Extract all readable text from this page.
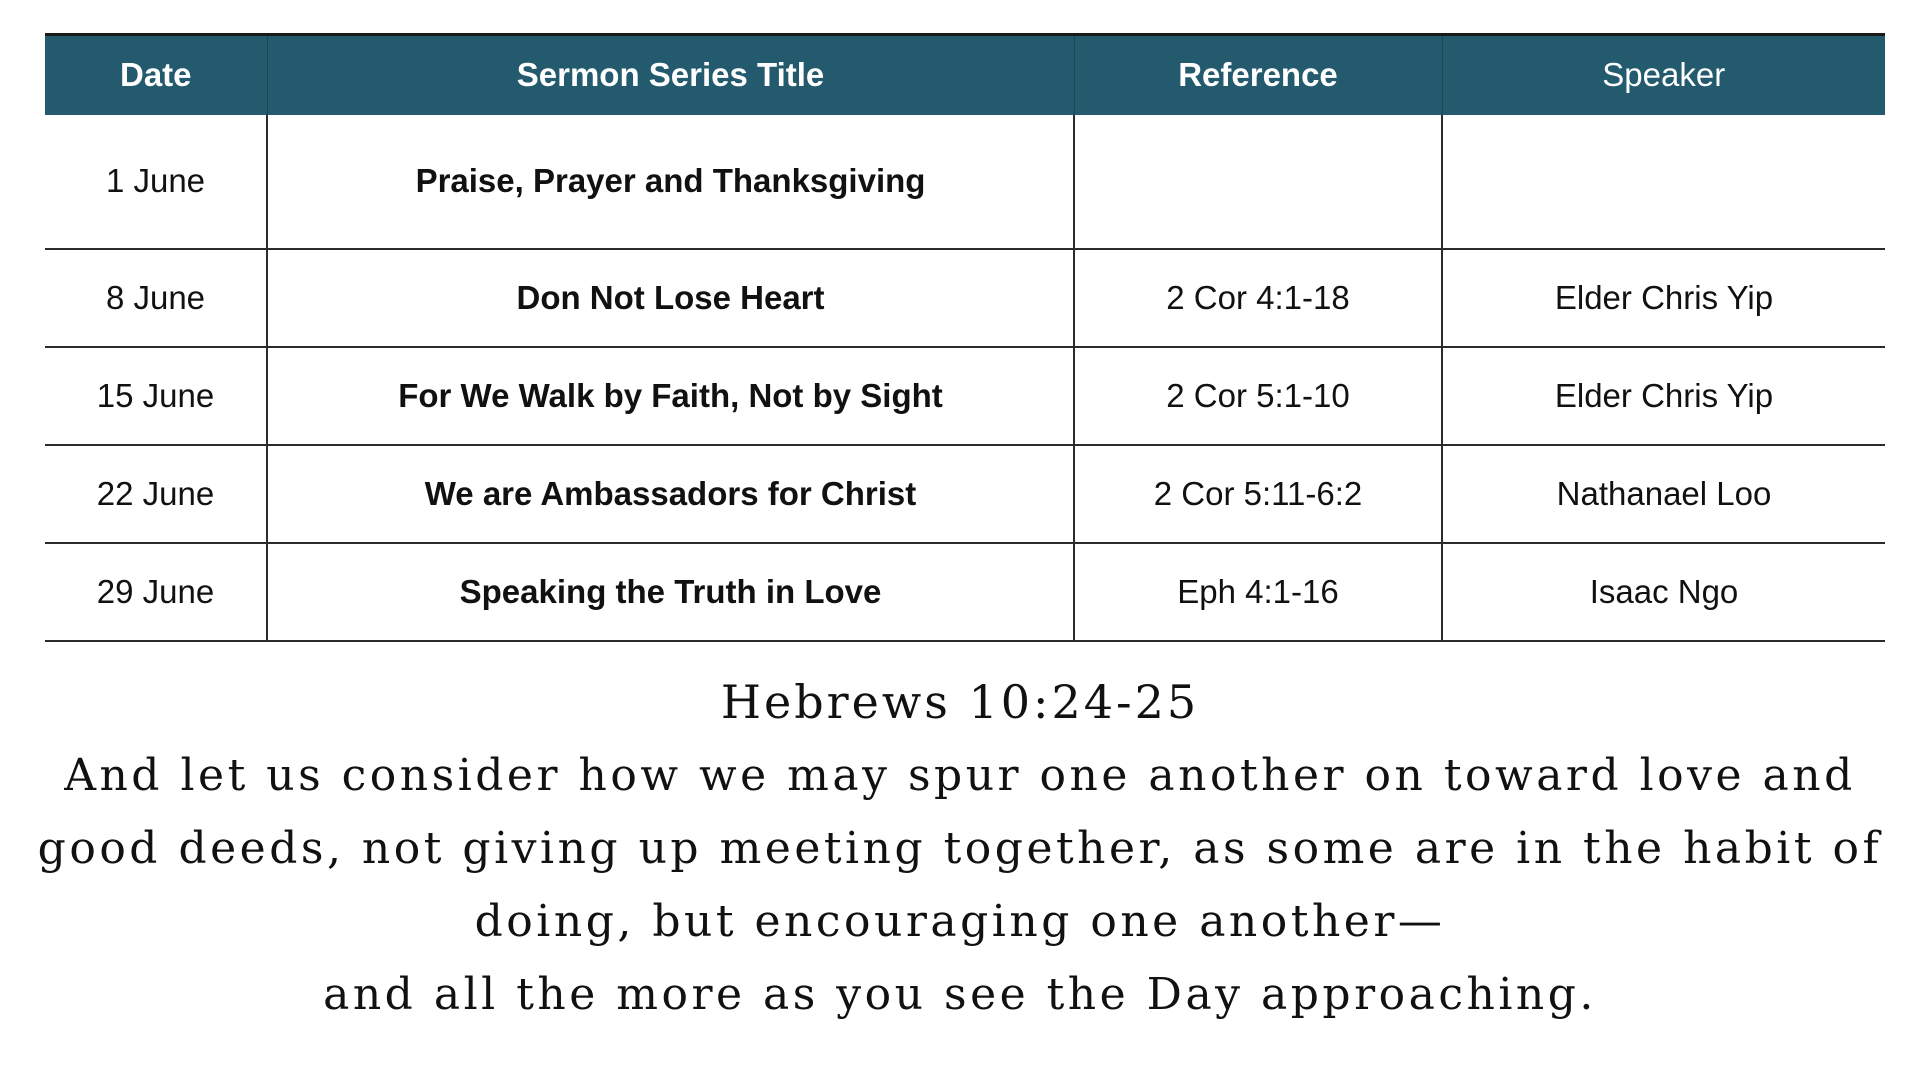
Date	Sermon Series Title	Reference	Speaker
1 June	Praise, Prayer and Thanksgiving		
8 June	Don Not Lose Heart	2 Cor 4:1-18	Elder Chris Yip
15 June	For We Walk by Faith, Not by Sight	2 Cor 5:1-10	Elder Chris Yip
22 June	We are Ambassadors for Christ	2 Cor 5:11-6:2	Nathanael Loo
29 June	Speaking the Truth in Love	Eph 4:1-16	Isaac Ngo
Hebrews 10:24-25
And let us consider how we may spur one another on toward love and
good deeds, not giving up meeting together, as some are in the habit of
doing, but encouraging one another—
and all the more as you see the Day approaching.
